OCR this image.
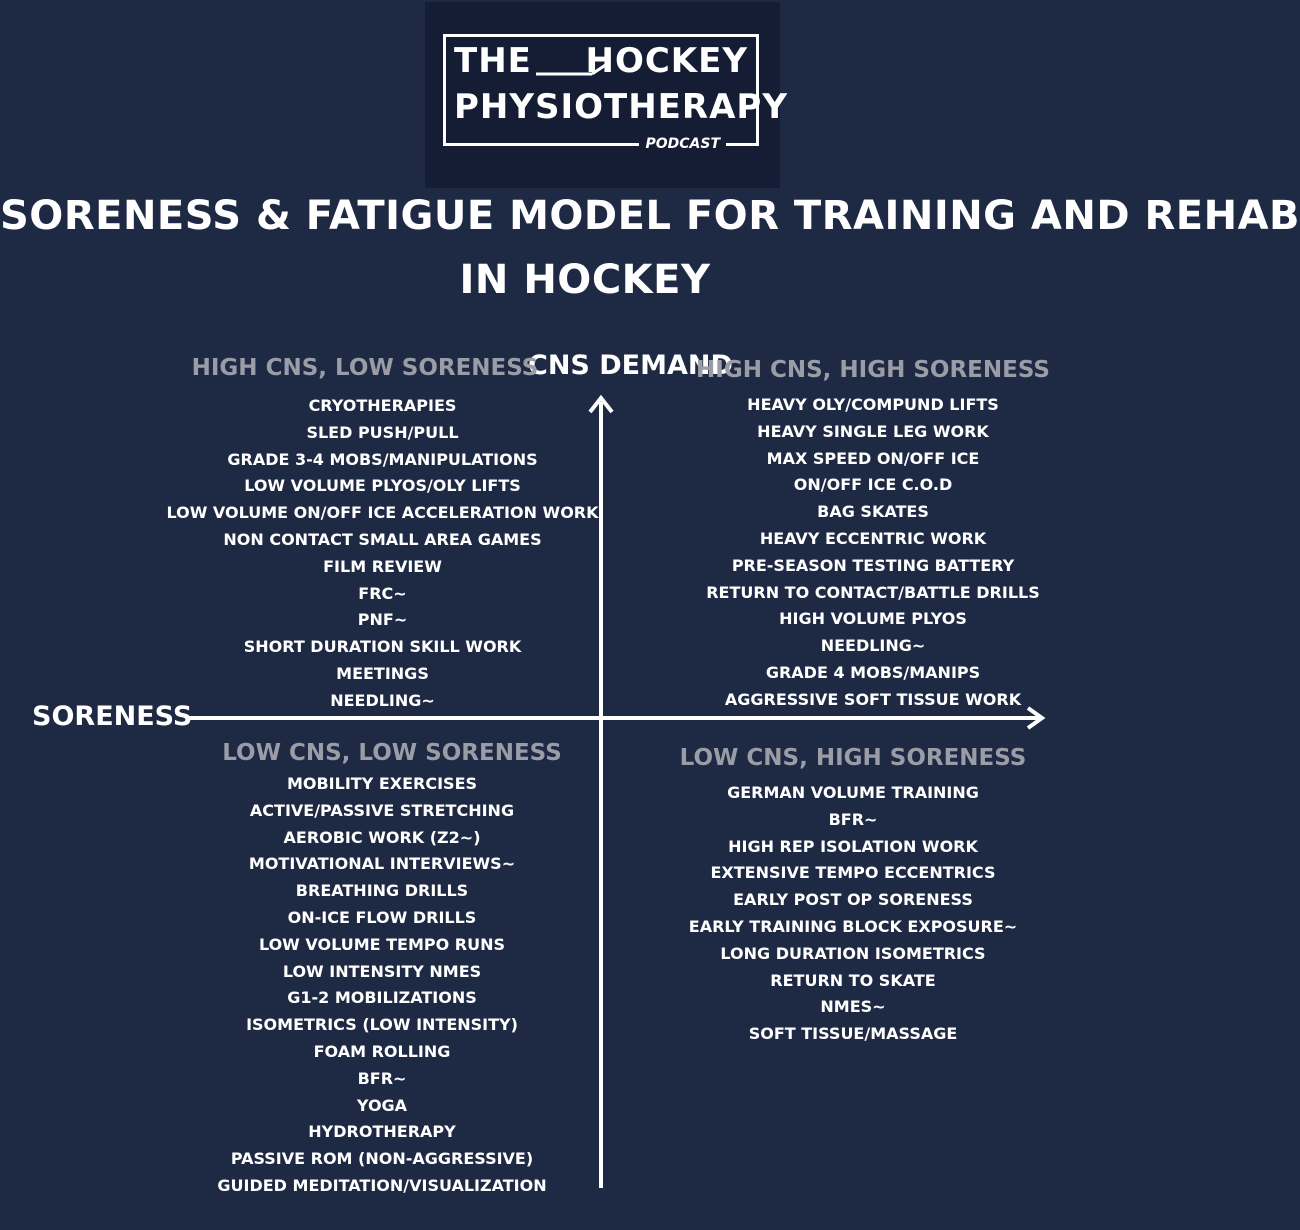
THE HOCKEY
PHYSIOTHERAPY
PODCAST
SORENESS & FATIGUE MODEL FOR TRAINING AND REHAB
IN HOCKEY
CNS DEMAND
SORENESS
HIGH CNS, LOW SORENESS
CRYOTHERAPIES
SLED PUSH/PULL
GRADE 3-4 MOBS/MANIPULATIONS
LOW VOLUME PLYOS/OLY LIFTS
LOW VOLUME ON/OFF ICE ACCELERATION WORK
NON CONTACT SMALL AREA GAMES
FILM REVIEW
FRC~
PNF~
SHORT DURATION SKILL WORK
MEETINGS
NEEDLING~
HIGH CNS, HIGH SORENESS
HEAVY OLY/COMPUND LIFTS
HEAVY SINGLE LEG WORK
MAX SPEED ON/OFF ICE
ON/OFF ICE C.O.D
BAG SKATES
HEAVY ECCENTRIC WORK
PRE-SEASON TESTING BATTERY
RETURN TO CONTACT/BATTLE DRILLS
HIGH VOLUME PLYOS
NEEDLING~
GRADE 4 MOBS/MANIPS
AGGRESSIVE SOFT TISSUE WORK
LOW CNS, LOW SORENESS
MOBILITY EXERCISES
ACTIVE/PASSIVE STRETCHING
AEROBIC WORK (Z2~)
MOTIVATIONAL INTERVIEWS~
BREATHING DRILLS
ON-ICE FLOW DRILLS
LOW VOLUME TEMPO RUNS
LOW INTENSITY NMES
G1-2 MOBILIZATIONS
ISOMETRICS (LOW INTENSITY)
FOAM ROLLING
BFR~
YOGA
HYDROTHERAPY
PASSIVE ROM (NON-AGGRESSIVE)
GUIDED MEDITATION/VISUALIZATION
LOW CNS, HIGH SORENESS
GERMAN VOLUME TRAINING
BFR~
HIGH REP ISOLATION WORK
EXTENSIVE TEMPO ECCENTRICS
EARLY POST OP SORENESS
EARLY TRAINING BLOCK EXPOSURE~
LONG DURATION ISOMETRICS
RETURN TO SKATE
NMES~
SOFT TISSUE/MASSAGE
